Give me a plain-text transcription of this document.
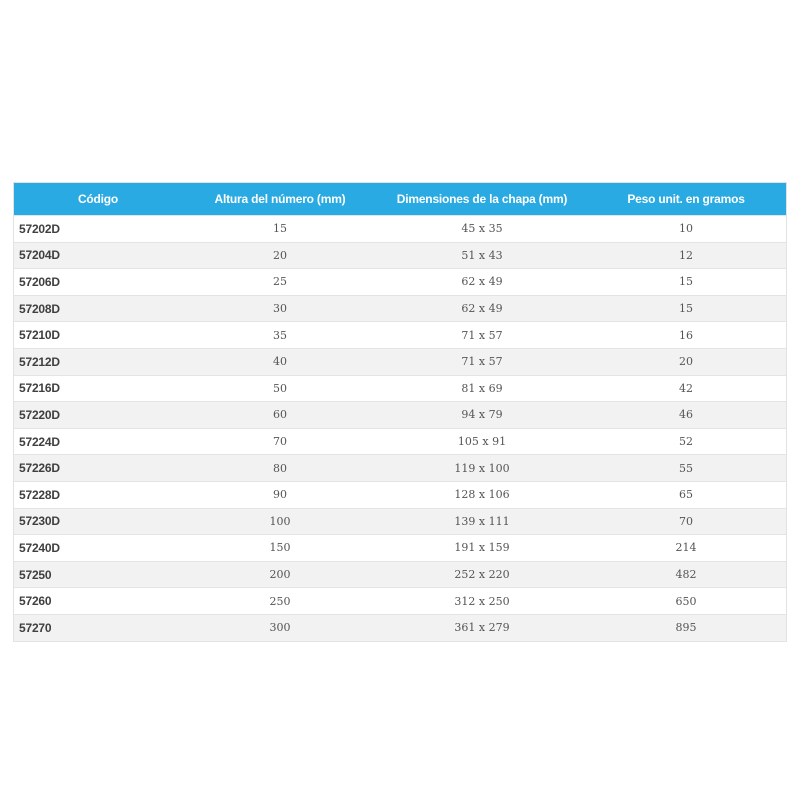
Código	Altura del número (mm)	Dimensiones de la chapa (mm)	Peso unit. en gramos
57202D	15	45 x 35	10
57204D	20	51 x 43	12
57206D	25	62 x 49	15
57208D	30	62 x 49	15
57210D	35	71 x 57	16
57212D	40	71 x 57	20
57216D	50	81 x 69	42
57220D	60	94 x 79	46
57224D	70	105 x 91	52
57226D	80	119 x 100	55
57228D	90	128 x 106	65
57230D	100	139 x 111	70
57240D	150	191 x 159	214
57250	200	252 x 220	482
57260	250	312 x 250	650
57270	300	361 x 279	895
